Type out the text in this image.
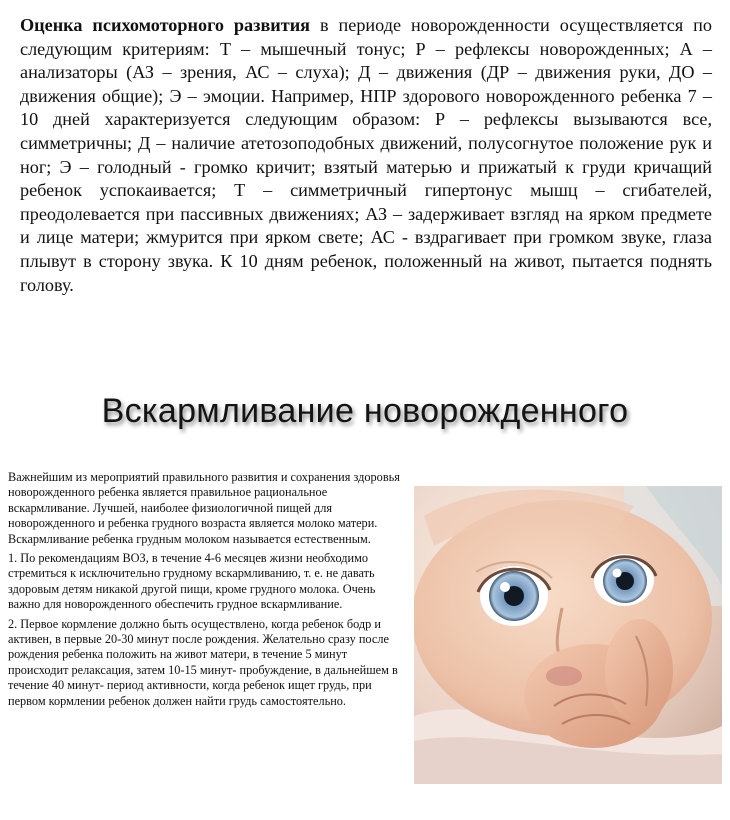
Оценка психомоторного развития в периоде новорожденности осуществляется по следующим критериям: Т – мышечный тонус; Р – рефлексы новорожденных; А – анализаторы (АЗ – зрения, АС – слуха); Д – движения (ДР – движения руки, ДО – движения общие); Э – эмоции. Например, НПР здорового новорожденного ребенка 7 – 10 дней характеризуется следующим образом: Р – рефлексы вызываются все, симметричны; Д – наличие атетозоподобных движений, полусогнутое положение рук и ног; Э – голодный - громко кричит; взятый матерью и прижатый к груди кричащий ребенок успокаивается; Т – симметричный гипертонус мышц – сгибателей, преодолевается при пассивных движениях; АЗ – задерживает взгляд на ярком предмете и лице матери; жмурится при ярком свете; АС - вздрагивает при громком звуке, глаза плывут в сторону звука. К 10 дням ребенок, положенный на живот, пытается поднять голову.

Вскармливание новорожденного

Важнейшим из мероприятий правильного развития и сохранения здоровья новорожденного ребенка является правильное рациональное вскармливание. Лучшей, наиболее физиологичной пищей для новорожденного и ребенка грудного возраста является молоко матери. Вскармливание ребенка грудным молоком называется естественным.

1. По рекомендациям ВОЗ, в течение 4-6 месяцев жизни необходимо стремиться к исключительно грудному вскармливанию, т. е. не давать здоровым детям никакой другой пищи, кроме грудного молока. Очень важно для новорожденного обеспечить грудное вскармливание.

2. Первое кормление должно быть осуществлено, когда ребенок бодр и активен, в первые 20-30 минут после рождения. Желательно сразу после рождения ребенка положить на живот матери, в течение 5 минут происходит релаксация, затем 10-15 минут- пробуждение, в дальнейшем в течение 40 минут- период активности, когда ребенок ищет грудь, при первом кормлении ребенок должен найти грудь самостоятельно.
